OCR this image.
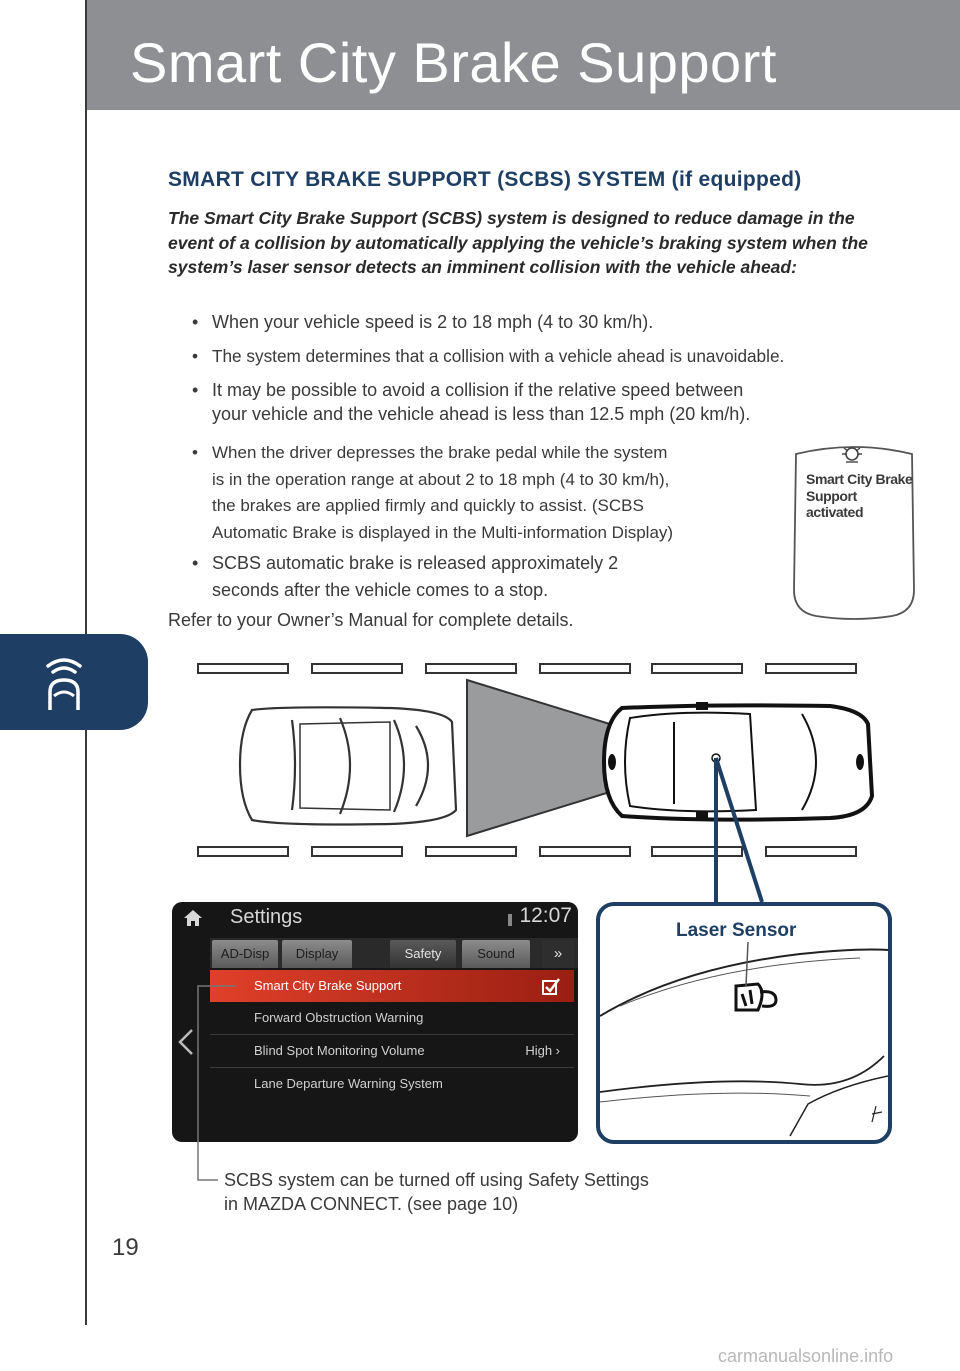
Smart City Brake Support
19
SMART CITY BRAKE SUPPORT (SCBS) SYSTEM (if equipped)

The Smart City Brake Support (SCBS) system is designed to reduce damage in the event of a collision by automatically applying the vehicle’s braking system when the system’s laser sensor detects an imminent collision with the vehicle ahead:

• When your vehicle speed is 2 to 18 mph (4 to 30 km/h).
• The system determines that a collision with a vehicle ahead is unavoidable.
• It may be possible to avoid a collision if the relative speed between
your vehicle and the vehicle ahead is less than 12.5 mph (20 km/h).
• When the driver depresses the brake pedal while the system
is in the operation range at about 2 to 18 mph (4 to 30 km/h),
the brakes are applied firmly and quickly to assist. (SCBS
Automatic Brake is displayed in the Multi-information Display)
• SCBS automatic brake is released approximately 2
seconds after the vehicle comes to a stop.
Refer to your Owner’s Manual for complete details.
Smart City Brake
Support
activated
Settings	12:07
AD-Disp	Display	Safety	Sound	»
Smart City Brake Support
Forward Obstruction Warning
Blind Spot Monitoring Volume	High ›
Lane Departure Warning System
Laser Sensor

SCBS system can be turned off using Safety Settings
in MAZDA CONNECT. (see page 10)

carmanualsonline.info
